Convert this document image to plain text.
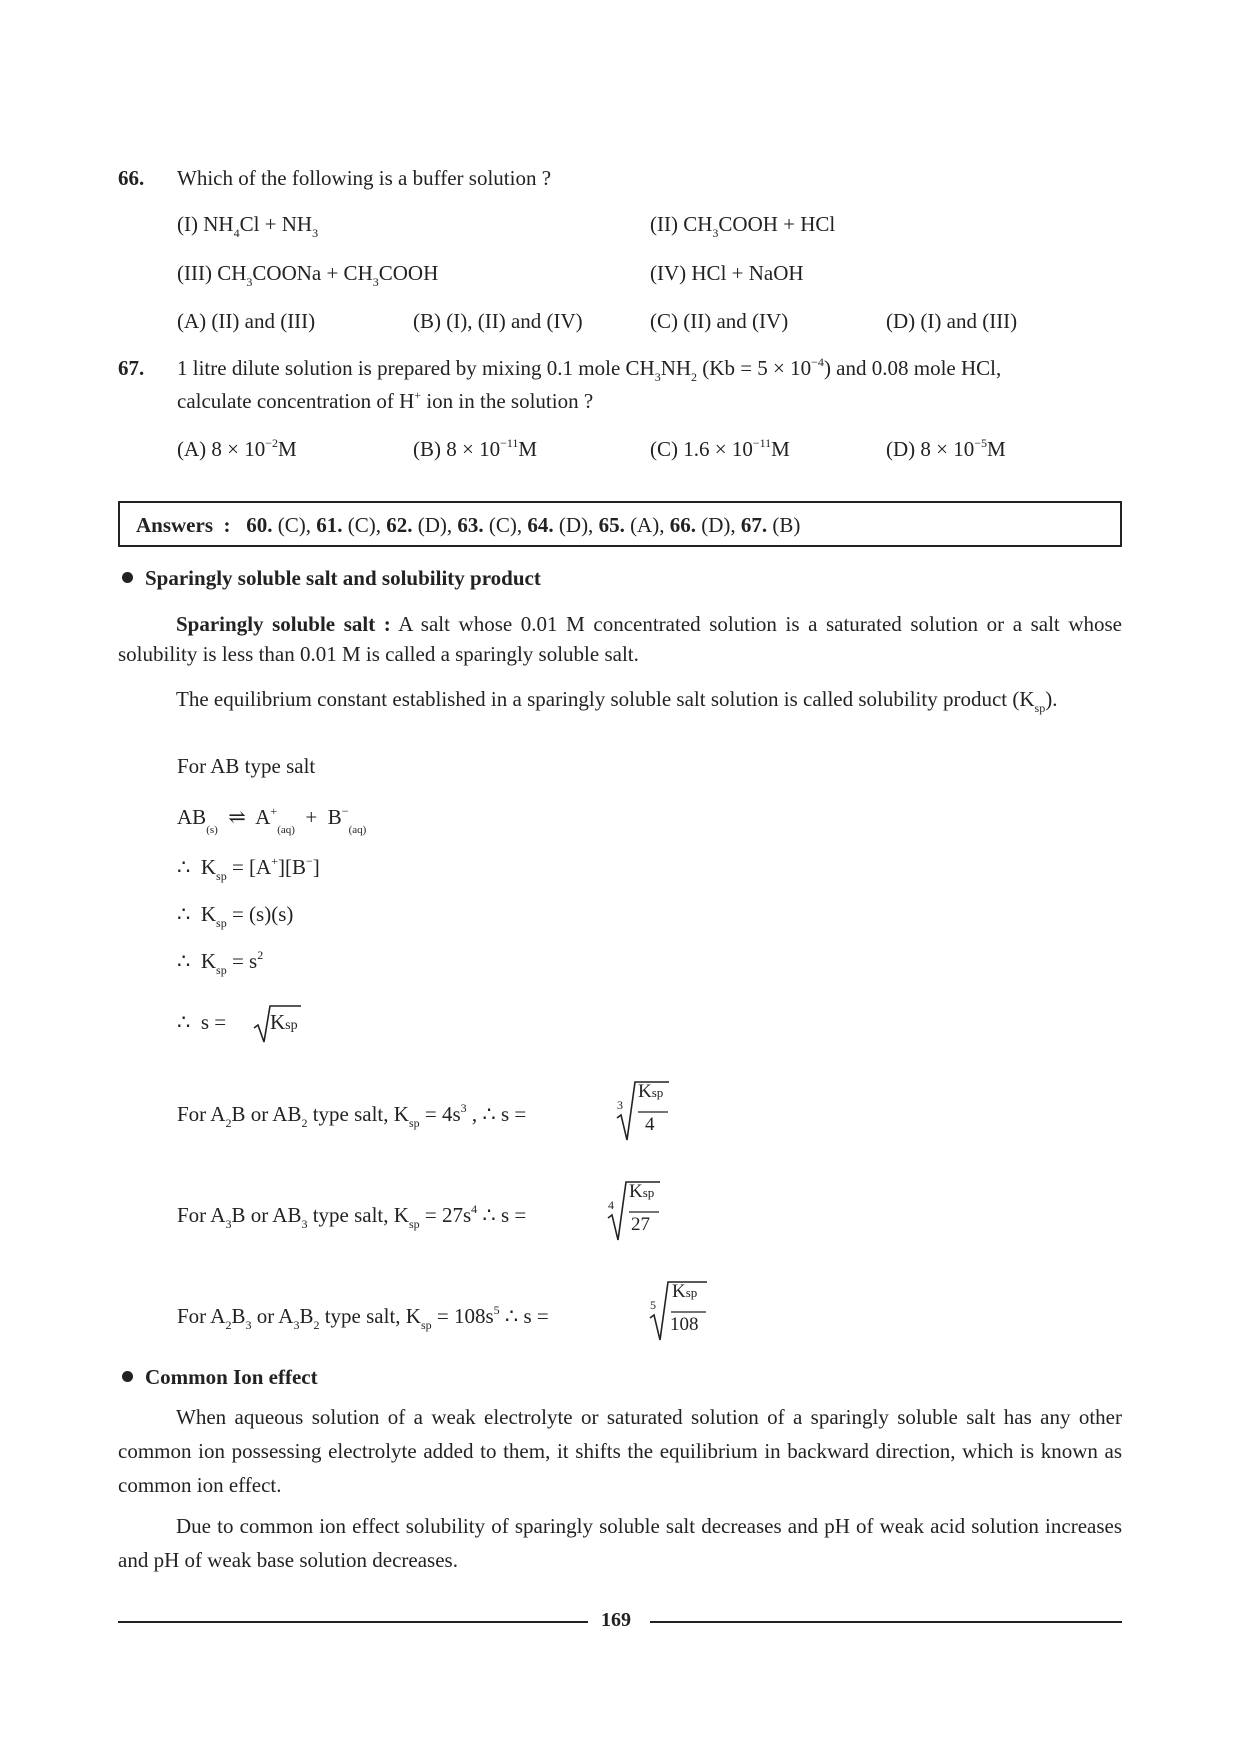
66. Which of the following is a buffer solution ?
(I) $NH_4Cl + NH_3$	(II) $CH_3COOH$ + HCl
(III) $CH_3COONa$ + $CH_3COOH$	(IV) HCl + NaOH
(A) (II) and (III)	(B) (I), (II) and (IV)	(C) (II) and (IV)	(D) (I) and (III)
67. 1 litre dilute solution is prepared by mixing 0.1 mole $CH_3NH_2$ $(Kb = 5 \times 10^{-4})$ and 0.08 mole HCl,
calculate concentration of H+ ion in the solution ?
(A) $8 \times 10^{-2}M$	(B) $8 \times 10^{-11}M$	(C) $1.6 \times 10^{-11}M$	(D) $8 \times 10^{-5}M$
Answers : 60. (C), 61. (C), 62. (D), 63. (C), 64. (D), 65. (A), 66. (D), 67. (B)
Sparingly soluble salt and solubility product
Sparingly soluble salt : A salt whose 0.01 M concentrated solution is a saturated solution or a salt whose solubility is less than 0.01 M is called a sparingly soluble salt.
The equilibrium constant established in a sparingly soluble salt solution is called solubility product $(K_{sp})$.
For AB type salt
$AB_{(s)}$  ⇌ $A^+_{(aq)} + B^-_{(aq)}$
∴ $K_{sp} = [A^+][B^-]$
∴ $K_{sp} = (s)(s)$
∴ $K_{sp} = s^2$
∴ s = Ksp
For $A_2B$ or $AB_2$ type salt, $K_{sp} = 4s^3$ , ∴ s =	3
Ksp
4
For $A_3B$ or $AB_3$ type salt, $K_{sp} = 27s^4$ ∴ s =	4
Ksp
27
For $A_2B_3$ or $A_3B_2$ type salt, $K_{sp} = 108s^5$ ∴ s =	5
Ksp
108
Common Ion effect
When aqueous solution of a weak electrolyte or saturated solution of a sparingly soluble salt has any other common ion possessing electrolyte added to them, it shifts the equilibrium in backward direction, which is known as common ion effect.
Due to common ion effect solubility of sparingly soluble salt decreases and pH of weak acid solution increases and pH of weak base solution decreases.
169
